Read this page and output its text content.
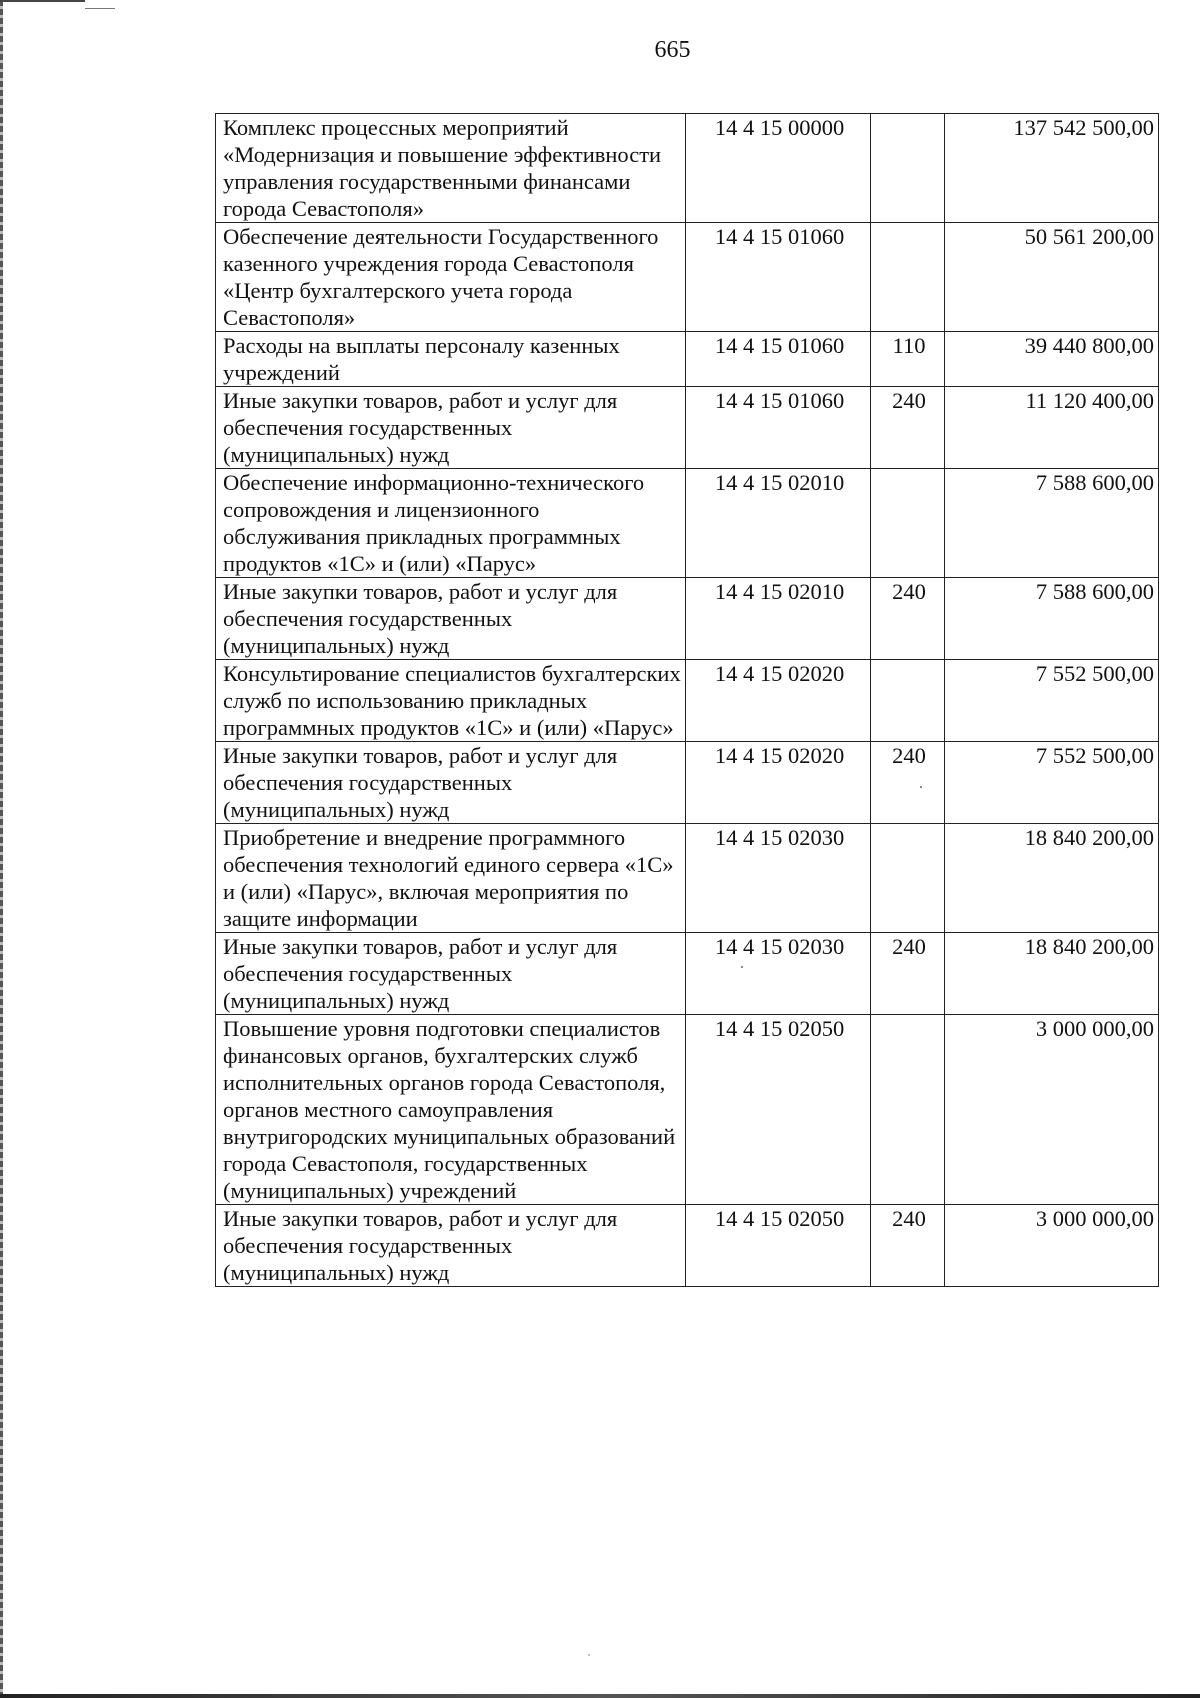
665
Комплекс процессных мероприятий «Модернизация и повышение эффективности управления государственными финансами города Севастополя»	14 4 15 00000		137 542 500,00
Обеспечение деятельности Государственного казенного учреждения города Севастополя «Центр бухгалтерского учета города Севастополя»	14 4 15 01060		50 561 200,00
Расходы на выплаты персоналу казенных учреждений	14 4 15 01060	110	39 440 800,00
Иные закупки товаров, работ и услуг для обеспечения государственных (муниципальных) нужд	14 4 15 01060	240	11 120 400,00
Обеспечение информационно-технического сопровождения и лицензионного обслуживания прикладных программных продуктов «1С» и (или) «Парус»	14 4 15 02010		7 588 600,00
Иные закупки товаров, работ и услуг для обеспечения государственных (муниципальных) нужд	14 4 15 02010	240	7 588 600,00
Консультирование специалистов бухгалтерских служб по использованию прикладных программных продуктов «1С» и (или) «Парус»	14 4 15 02020		7 552 500,00
Иные закупки товаров, работ и услуг для обеспечения государственных (муниципальных) нужд	14 4 15 02020	240	7 552 500,00
Приобретение и внедрение программного обеспечения технологий единого сервера «1С» и (или) «Парус», включая мероприятия по защите информации	14 4 15 02030		18 840 200,00
Иные закупки товаров, работ и услуг для обеспечения государственных (муниципальных) нужд	14 4 15 02030	240	18 840 200,00
Повышение уровня подготовки специалистов финансовых органов, бухгалтерских служб исполнительных органов города Севастополя, органов местного самоуправления внутригородских муниципальных образований города Севастополя, государственных (муниципальных) учреждений	14 4 15 02050		3 000 000,00
Иные закупки товаров, работ и услуг для обеспечения государственных (муниципальных) нужд	14 4 15 02050	240	3 000 000,00
